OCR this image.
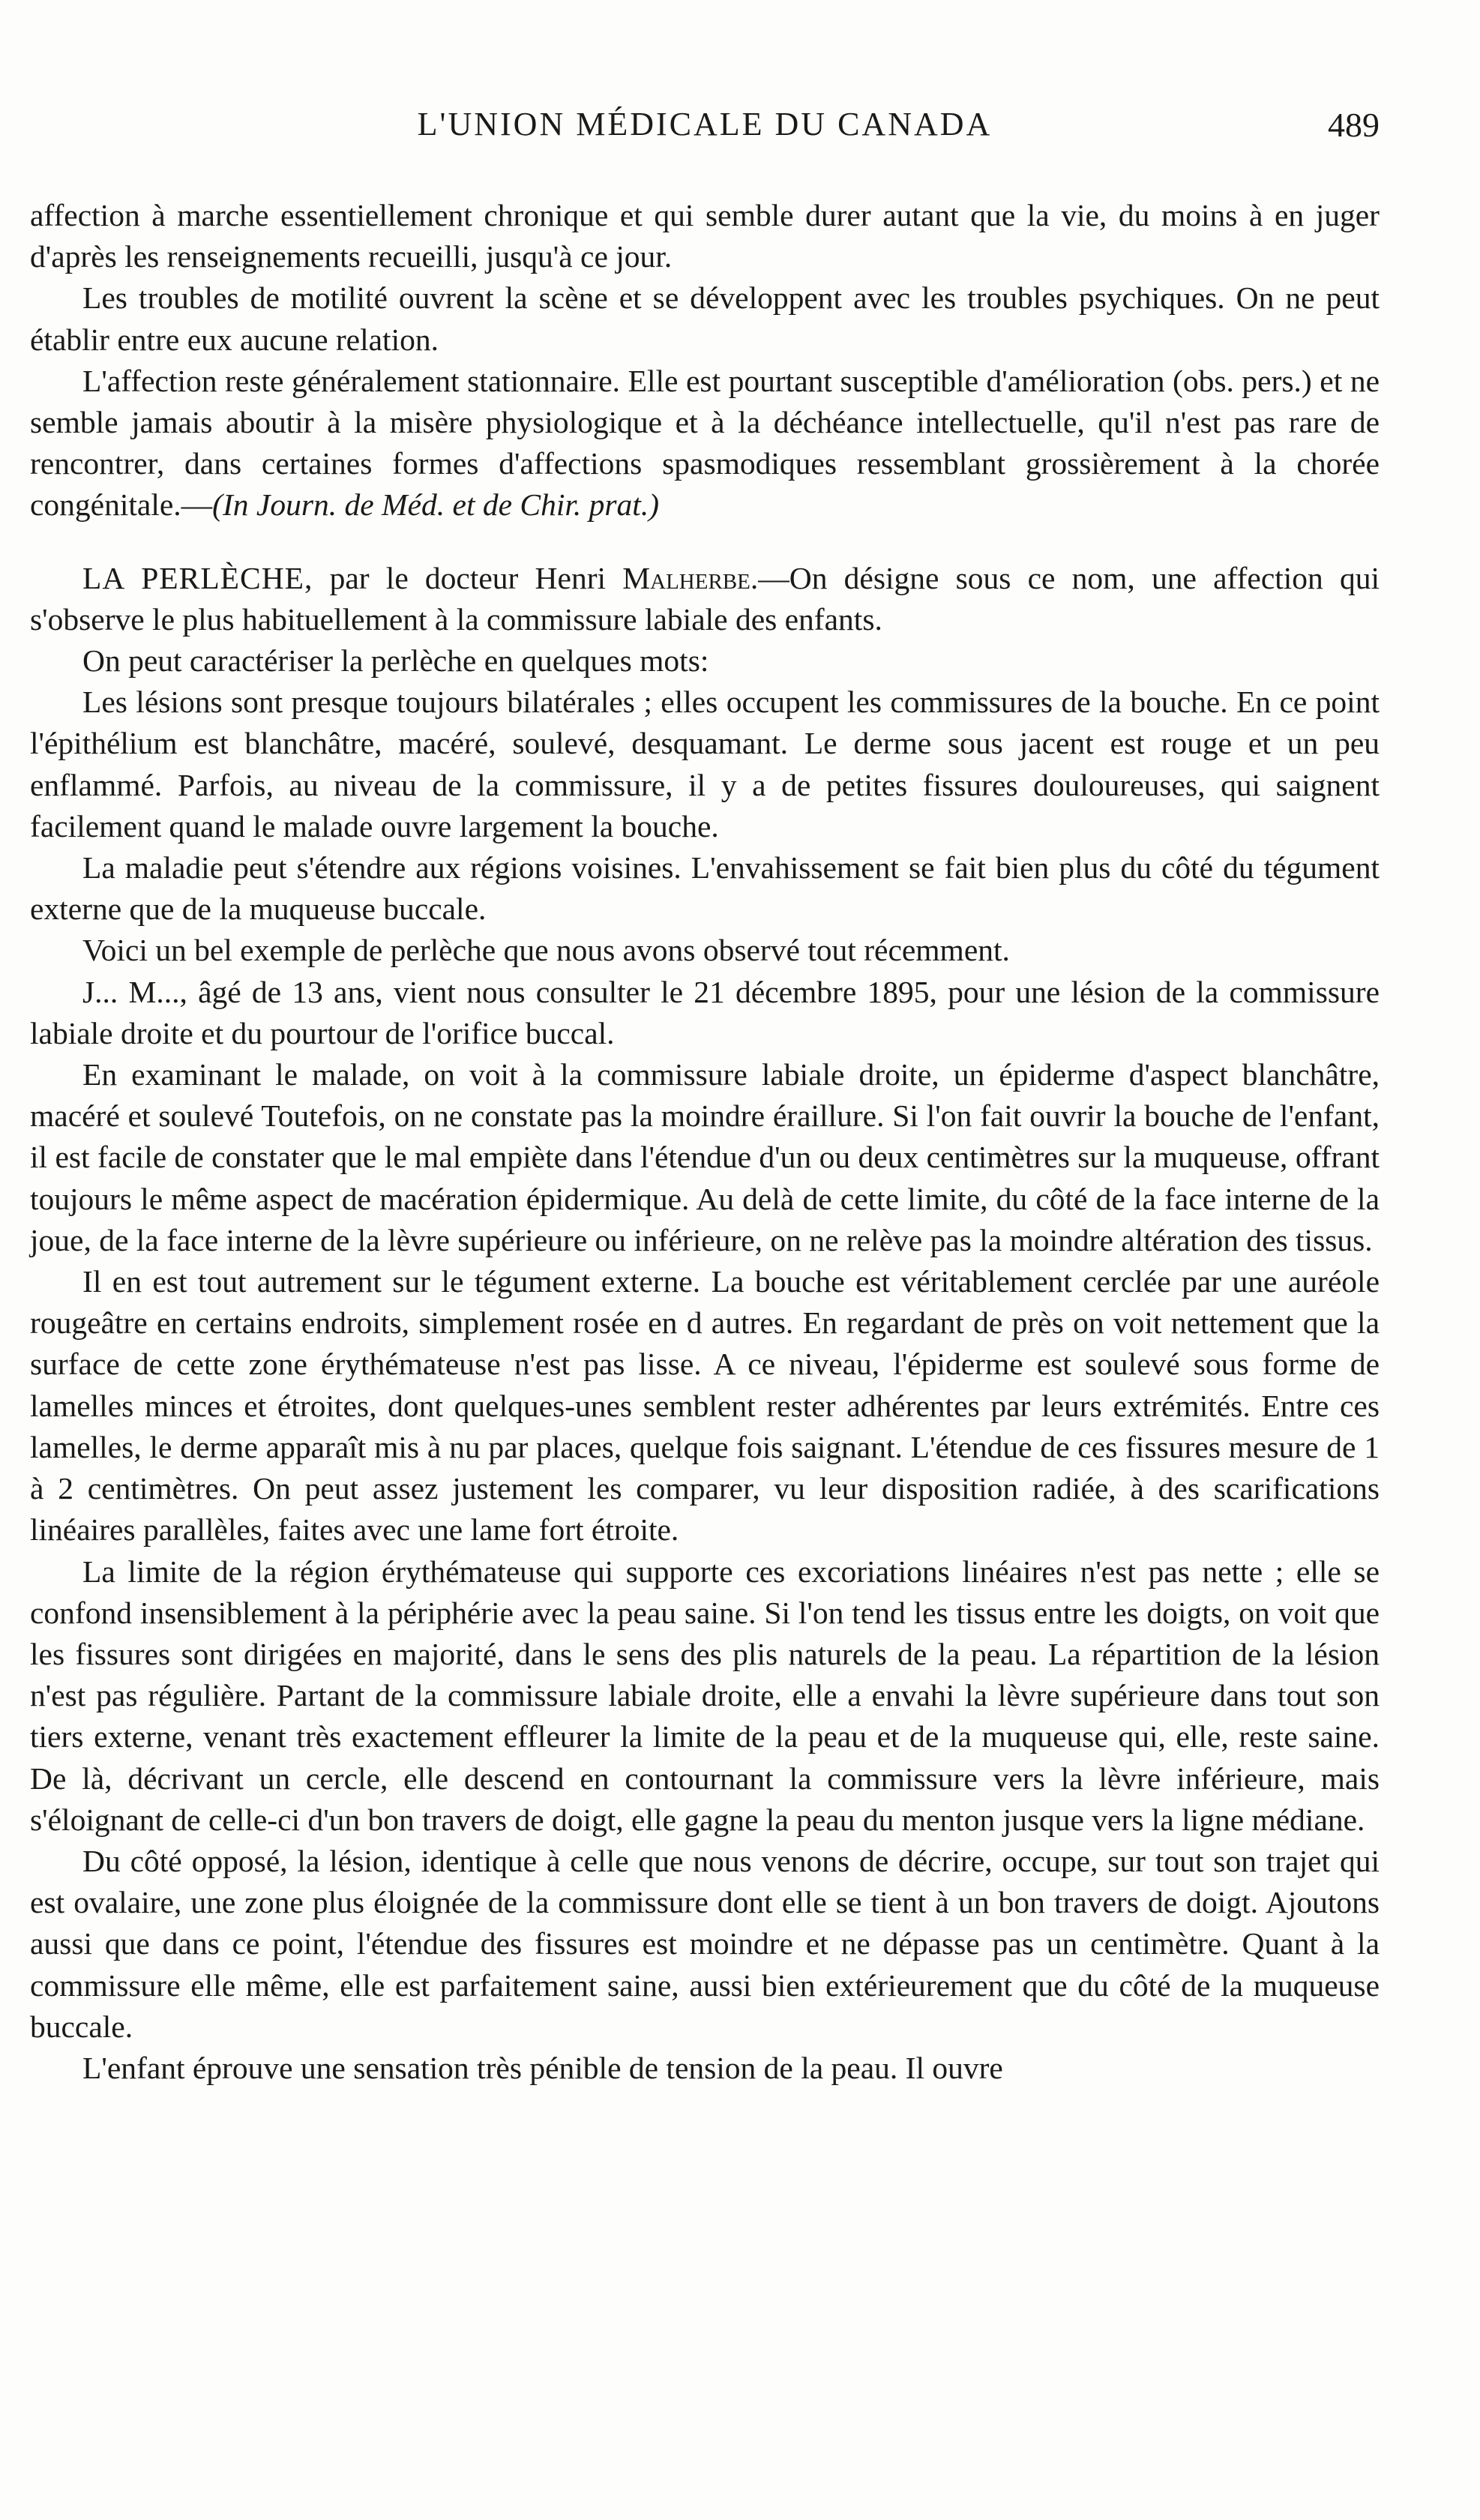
L'UNION MÉDICALE DU CANADA	489

affection à marche essentiellement chronique et qui semble durer autant que la vie, du moins à en juger d'après les renseignements recueilli, jusqu'à ce jour.

Les troubles de motilité ouvrent la scène et se développent avec les troubles psychiques. On ne peut établir entre eux aucune relation.

L'affection reste généralement stationnaire. Elle est pourtant susceptible d'amélioration (obs. pers.) et ne semble jamais aboutir à la misère physiologique et à la déchéance intellectuelle, qu'il n'est pas rare de rencontrer, dans certaines formes d'affections spasmodiques ressemblant grossièrement à la chorée congénitale.—(In Journ. de Méd. et de Chir. prat.)

LA PERLÈCHE, par le docteur Henri Malherbe.—On désigne sous ce nom, une affection qui s'observe le plus habituellement à la commissure labiale des enfants.

On peut caractériser la perlèche en quelques mots:

Les lésions sont presque toujours bilatérales ; elles occupent les commissures de la bouche. En ce point l'épithélium est blanchâtre, macéré, soulevé, desquamant. Le derme sous jacent est rouge et un peu enflammé. Parfois, au niveau de la commissure, il y a de petites fissures douloureuses, qui saignent facilement quand le malade ouvre largement la bouche.

La maladie peut s'étendre aux régions voisines. L'envahissement se fait bien plus du côté du tégument externe que de la muqueuse buccale.

Voici un bel exemple de perlèche que nous avons observé tout récemment.

J... M..., âgé de 13 ans, vient nous consulter le 21 décembre 1895, pour une lésion de la commissure labiale droite et du pourtour de l'orifice buccal.

En examinant le malade, on voit à la commissure labiale droite, un épiderme d'aspect blanchâtre, macéré et soulevé Toutefois, on ne constate pas la moindre éraillure. Si l'on fait ouvrir la bouche de l'enfant, il est facile de constater que le mal empiète dans l'étendue d'un ou deux centimètres sur la muqueuse, offrant toujours le même aspect de macération épidermique. Au delà de cette limite, du côté de la face interne de la joue, de la face interne de la lèvre supérieure ou inférieure, on ne relève pas la moindre altération des tissus.

Il en est tout autrement sur le tégument externe. La bouche est véritablement cerclée par une auréole rougeâtre en certains endroits, simplement rosée en d autres. En regardant de près on voit nettement que la surface de cette zone érythémateuse n'est pas lisse. A ce niveau, l'épiderme est soulevé sous forme de lamelles minces et étroites, dont quelques-unes semblent rester adhérentes par leurs extrémités. Entre ces lamelles, le derme apparaît mis à nu par places, quelque fois saignant. L'étendue de ces fissures mesure de 1 à 2 centimètres. On peut assez justement les comparer, vu leur disposition radiée, à des scarifications linéaires parallèles, faites avec une lame fort étroite.

La limite de la région érythémateuse qui supporte ces excoriations linéaires n'est pas nette ; elle se confond insensiblement à la périphérie avec la peau saine. Si l'on tend les tissus entre les doigts, on voit que les fissures sont dirigées en majorité, dans le sens des plis naturels de la peau. La répartition de la lésion n'est pas régulière. Partant de la commissure labiale droite, elle a envahi la lèvre supérieure dans tout son tiers externe, venant très exactement effleurer la limite de la peau et de la muqueuse qui, elle, reste saine. De là, décrivant un cercle, elle descend en contournant la commissure vers la lèvre inférieure, mais s'éloignant de celle-ci d'un bon travers de doigt, elle gagne la peau du menton jusque vers la ligne médiane.

Du côté opposé, la lésion, identique à celle que nous venons de décrire, occupe, sur tout son trajet qui est ovalaire, une zone plus éloignée de la commissure dont elle se tient à un bon travers de doigt. Ajoutons aussi que dans ce point, l'étendue des fissures est moindre et ne dépasse pas un centimètre. Quant à la commissure elle même, elle est parfaitement saine, aussi bien extérieurement que du côté de la muqueuse buccale.

L'enfant éprouve une sensation très pénible de tension de la peau. Il ouvre
